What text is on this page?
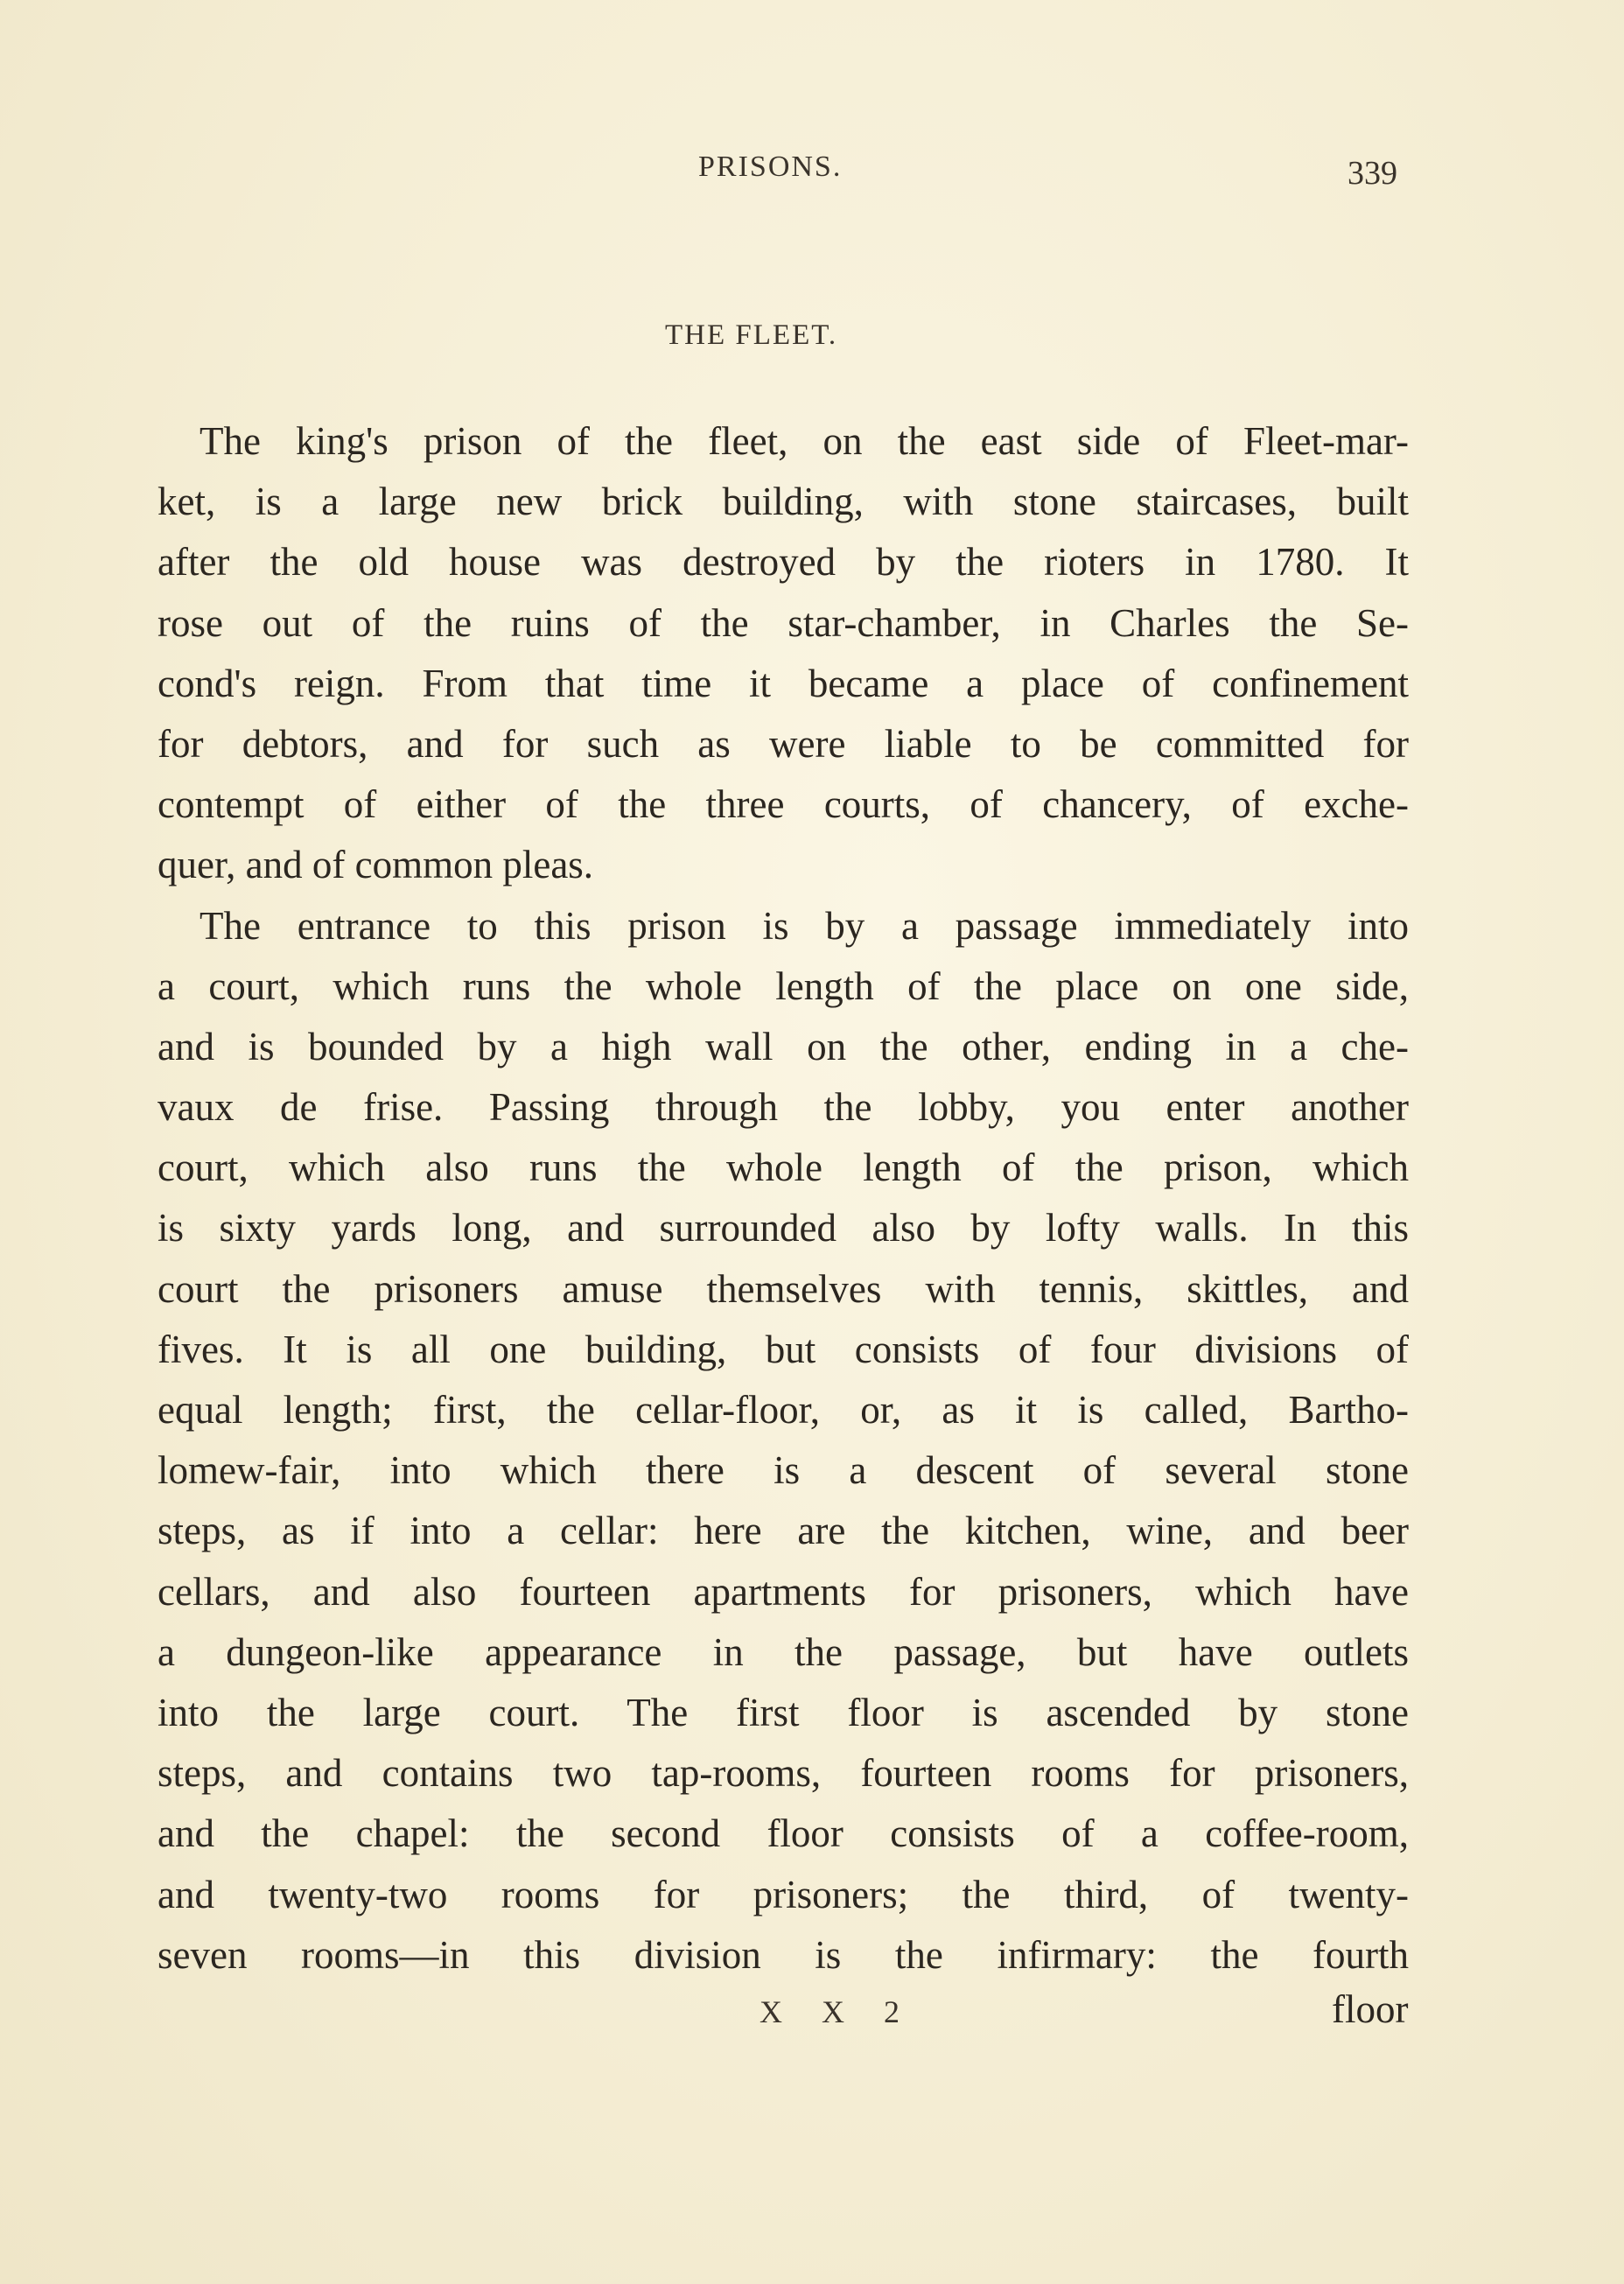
PRISONS.	339
THE FLEET.
The king's prison of the fleet, on the east side of Fleet-mar-
ket, is a large new brick building, with stone staircases, built
after the old house was destroyed by the rioters in 1780. It
rose out of the ruins of the star-chamber, in Charles the Se-
cond's reign. From that time it became a place of confinement
for debtors, and for such as were liable to be committed for
contempt of either of the three courts, of chancery, of exche-
quer, and of common pleas.
The entrance to this prison is by a passage immediately into
a court, which runs the whole length of the place on one side,
and is bounded by a high wall on the other, ending in a che-
vaux de frise. Passing through the lobby, you enter another
court, which also runs the whole length of the prison, which
is sixty yards long, and surrounded also by lofty walls. In this
court the prisoners amuse themselves with tennis, skittles, and
fives. It is all one building, but consists of four divisions of
equal length; first, the cellar-floor, or, as it is called, Bartho-
lomew-fair, into which there is a descent of several stone
steps, as if into a cellar: here are the kitchen, wine, and beer
cellars, and also fourteen apartments for prisoners, which have
a dungeon-like appearance in the passage, but have outlets
into the large court. The first floor is ascended by stone
steps, and contains two tap-rooms, fourteen rooms for prisoners,
and the chapel: the second floor consists of a coffee-room,
and twenty-two rooms for prisoners; the third, of twenty-
seven rooms—in this division is the infirmary: the fourth
X X 2	floor
